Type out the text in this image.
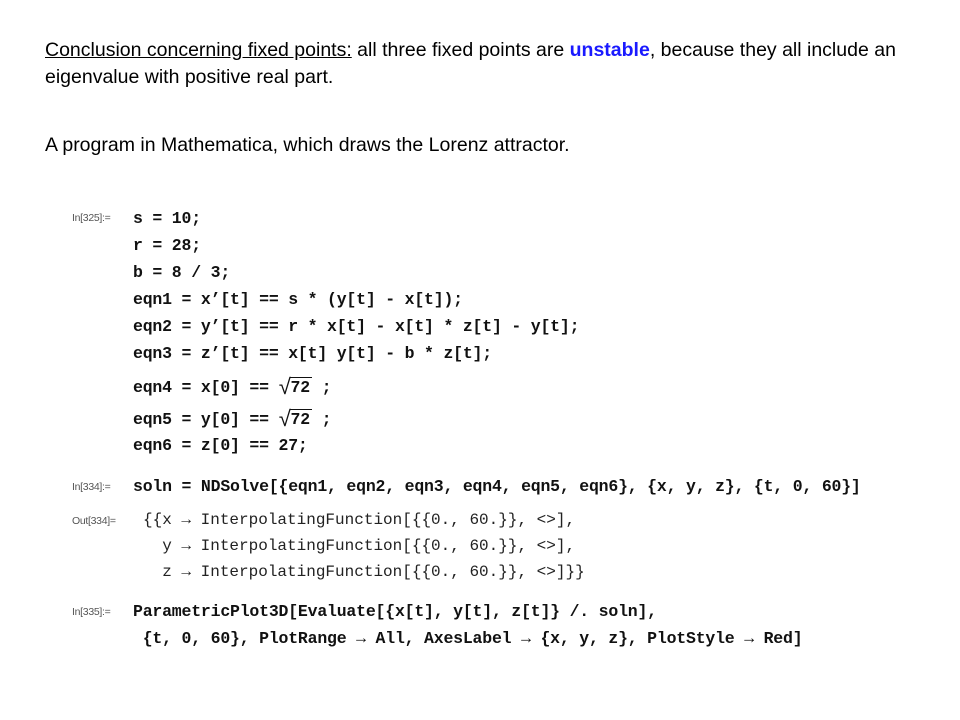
Conclusion concerning fixed points: all three fixed points are unstable, because they all include an eigenvalue with positive real part.
A program in Mathematica, which draws the Lorenz attractor.
In[325]:=	s = 10;
r = 28;
b = 8 / 3;
eqn1 = x’[t] == s * (y[t] - x[t]);
eqn2 = y’[t] == r * x[t] - x[t] * z[t] - y[t];
eqn3 = z’[t] == x[t] y[t] - b * z[t];
eqn4 = x[0] == √72 ;
eqn5 = y[0] == √72 ;
eqn6 = z[0] == 27;
In[334]:=	soln = NDSolve[{eqn1, eqn2, eqn3, eqn4, eqn5, eqn6}, {x, y, z}, {t, 0, 60}]
Out[334]=	{{x → InterpolatingFunction[{{0., 60.}}, <>],
y → InterpolatingFunction[{{0., 60.}}, <>],
z → InterpolatingFunction[{{0., 60.}}, <>]}}
In[335]:=	ParametricPlot3D[Evaluate[{x[t], y[t], z[t]} /. soln],
{t, 0, 60}, PlotRange → All, AxesLabel → {x, y, z}, PlotStyle → Red]
